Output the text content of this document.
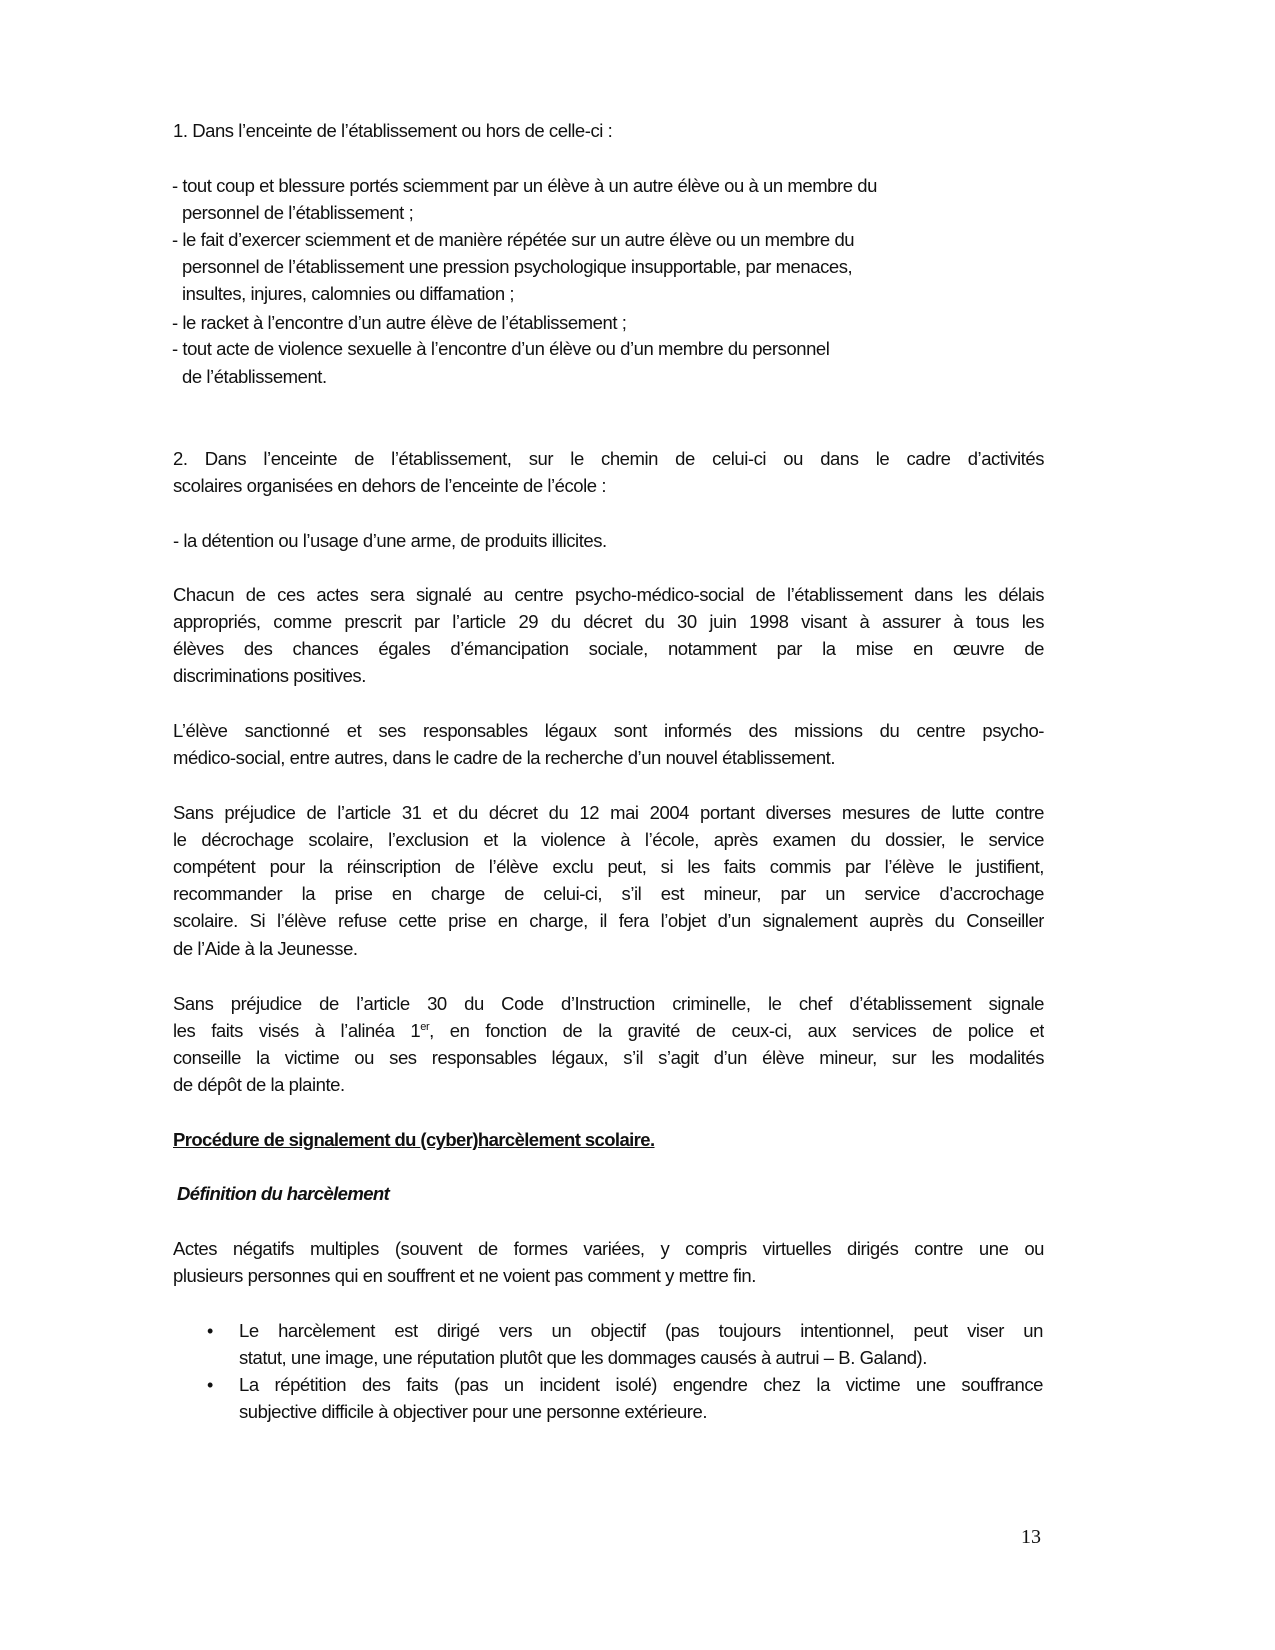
1. Dans l’enceinte de l’établissement ou hors de celle-ci :
- tout coup et blessure portés sciemment par un élève à un autre élève ou à un membre du
personnel de l’établissement ;
- le fait d’exercer sciemment et de manière répétée sur un autre élève ou un membre du
personnel de l’établissement une pression psychologique insupportable, par menaces,
insultes, injures, calomnies ou diffamation ;
- le racket à l’encontre d’un autre élève de l’établissement ;
- tout acte de violence sexuelle à l’encontre d’un élève ou d’un membre du personnel
de l’établissement.
2. Dans l’enceinte de l’établissement, sur le chemin de celui-ci ou dans le cadre d’activités
scolaires organisées en dehors de l’enceinte de l’école :
- la détention ou l’usage d’une arme, de produits illicites.
Chacun de ces actes sera signalé au centre psycho-médico-social de l’établissement dans les délais
appropriés, comme prescrit par l’article 29 du décret du 30 juin 1998 visant à assurer à tous les
élèves des chances égales d’émancipation sociale, notamment par la mise en œuvre de
discriminations positives.
L’élève sanctionné et ses responsables légaux sont informés des missions du centre psycho-
médico-social, entre autres, dans le cadre de la recherche d’un nouvel établissement.
Sans préjudice de l’article 31 et du décret du 12 mai 2004 portant diverses mesures de lutte contre
le décrochage scolaire, l’exclusion et la violence à l’école, après examen du dossier, le service
compétent pour la réinscription de l’élève exclu peut, si les faits commis par l’élève le justifient,
recommander la prise en charge de celui-ci, s’il est mineur, par un service d’accrochage
scolaire. Si l’élève refuse cette prise en charge, il fera l’objet d’un signalement auprès du Conseiller
de l’Aide à la Jeunesse.
Sans préjudice de l’article 30 du Code d’Instruction criminelle, le chef d’établissement signale
les faits visés à l’alinéa 1er, en fonction de la gravité de ceux-ci, aux services de police et
conseille la victime ou ses responsables légaux, s’il s’agit d’un élève mineur, sur les modalités
de dépôt de la plainte.
Procédure de signalement du (cyber)harcèlement scolaire.
Définition du harcèlement
Actes négatifs multiples (souvent de formes variées, y compris virtuelles dirigés contre une ou
plusieurs personnes qui en souffrent et ne voient pas comment y mettre fin.
• Le harcèlement est dirigé vers un objectif (pas toujours intentionnel, peut viser un
statut, une image, une réputation plutôt que les dommages causés à autrui – B. Galand).
• La répétition des faits (pas un incident isolé) engendre chez la victime une souffrance
subjective difficile à objectiver pour une personne extérieure.
13
